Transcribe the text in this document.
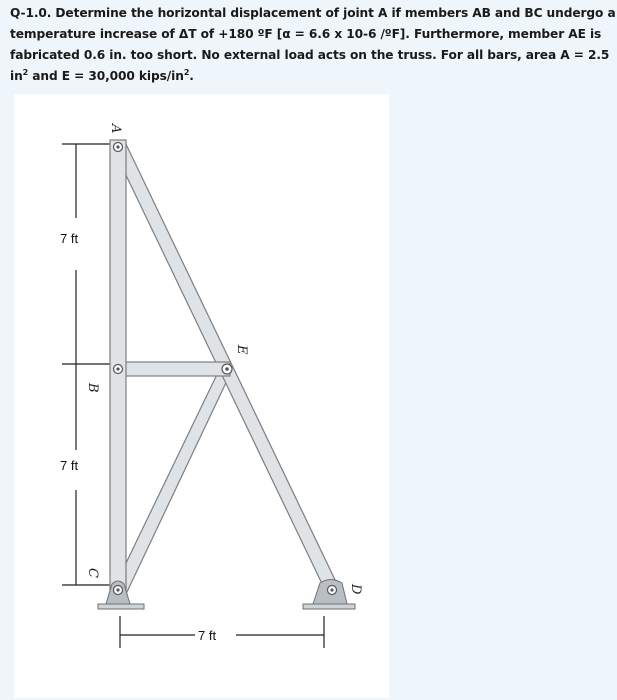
Q-1.0. Determine the horizontal displacement of joint A if members AB and BC undergo a
temperature increase of ΔT of +180 ºF [α = 6.6 x 10-6 /ºF]. Furthermore, member AE is
fabricated 0.6 in. too short. No external load acts on the truss. For all bars, area A = 2.5
$in^2$ and E = 30,000 kips/$in^2$.
7 ft
7 ft
7 ft
A
B
C
D
E
